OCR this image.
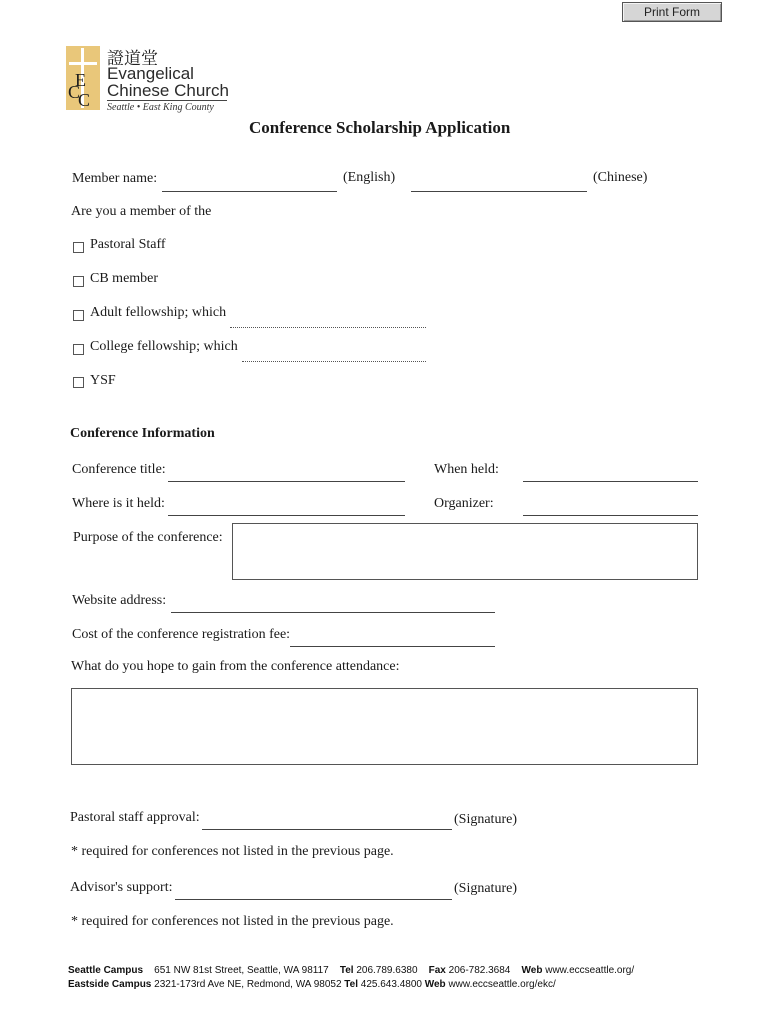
Print Form
E
C
C
證道堂
Evangelical
Chinese Church
Seattle • East King County
Conference Scholarship Application
Member name:	(English)	(Chinese)
Are you a member of the
Pastoral Staff
CB member
Adult fellowship; which
College fellowship; which
YSF
Conference Information
Conference title:	When held:
Where is it held:	Organizer:
Purpose of the conference:
Website address:
Cost of the conference registration fee:
What do you hope to gain from the conference attendance:
Pastoral staff approval:	(Signature)
* required for conferences not listed in the previous page.
Advisor's support:	(Signature)
* required for conferences not listed in the previous page.
Seattle Campus 651 NW 81st Street, Seattle, WA 98117 Tel 206.789.6380 Fax 206-782.3684 Web www.eccseattle.org/
Eastside Campus 2321-173rd Ave NE, Redmond, WA 98052 Tel 425.643.4800 Web www.eccseattle.org/ekc/
